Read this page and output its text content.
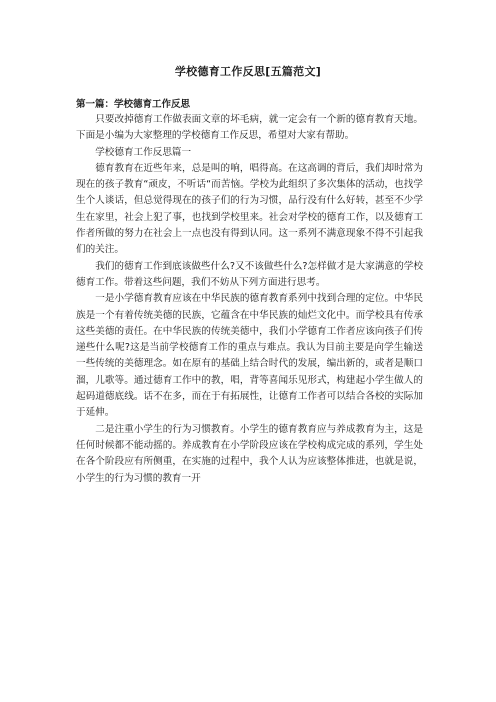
学校德育工作反思[五篇范文]
第一篇：学校德育工作反思

只要改掉德育工作做表面文章的坏毛病，就一定会有一个新的德育教育天地。下面是小编为大家整理的学校德育工作反思，希望对大家有帮助。

学校德育工作反思篇一

德育教育在近些年来，总是叫的响，唱得高。在这高调的背后，我们却时常为现在的孩子教育“顽皮，不听话“而苦恼。学校为此组织了多次集体的活动，也找学生个人谈话，但总觉得现在的孩子们的行为习惯，品行没有什么好转，甚至不少学生在家里，社会上犯了事，也找到学校里来。社会对学校的德育工作，以及德育工作者所做的努力在社会上一点也没有得到认同。这一系列不满意现象不得不引起我们的关注。

我们的德育工作到底该做些什么?又不该做些什么?怎样做才是大家满意的学校德育工作。带着这些问题，我们不妨从下列方面进行思考。

一是小学德育教育应该在中华民族的德育教育系列中找到合理的定位。中华民族是一个有着传统美德的民族，它蕴含在中华民族的灿烂文化中。而学校具有传承这些美德的责任。在中华民族的传统美德中，我们小学德育工作者应该向孩子们传递些什么呢?这是当前学校德育工作的重点与难点。我认为目前主要是向学生输送一些传统的美德理念。如在原有的基础上结合时代的发展，编出新的，或者是顺口溜，儿歌等。通过德育工作中的教，唱，背等喜闻乐见形式，构建起小学生做人的起码道德底线。话不在多，而在于有拓展性，让德育工作者可以结合各校的实际加于延伸。

二是注重小学生的行为习惯教育。小学生的德育教育应与养成教育为主，这是任何时候都不能动摇的。养成教育在小学阶段应该在学校构成完成的系列，学生处在各个阶段应有所侧重，在实施的过程中，我个人认为应该整体推进，也就是说，小学生的行为习惯的教育一开
